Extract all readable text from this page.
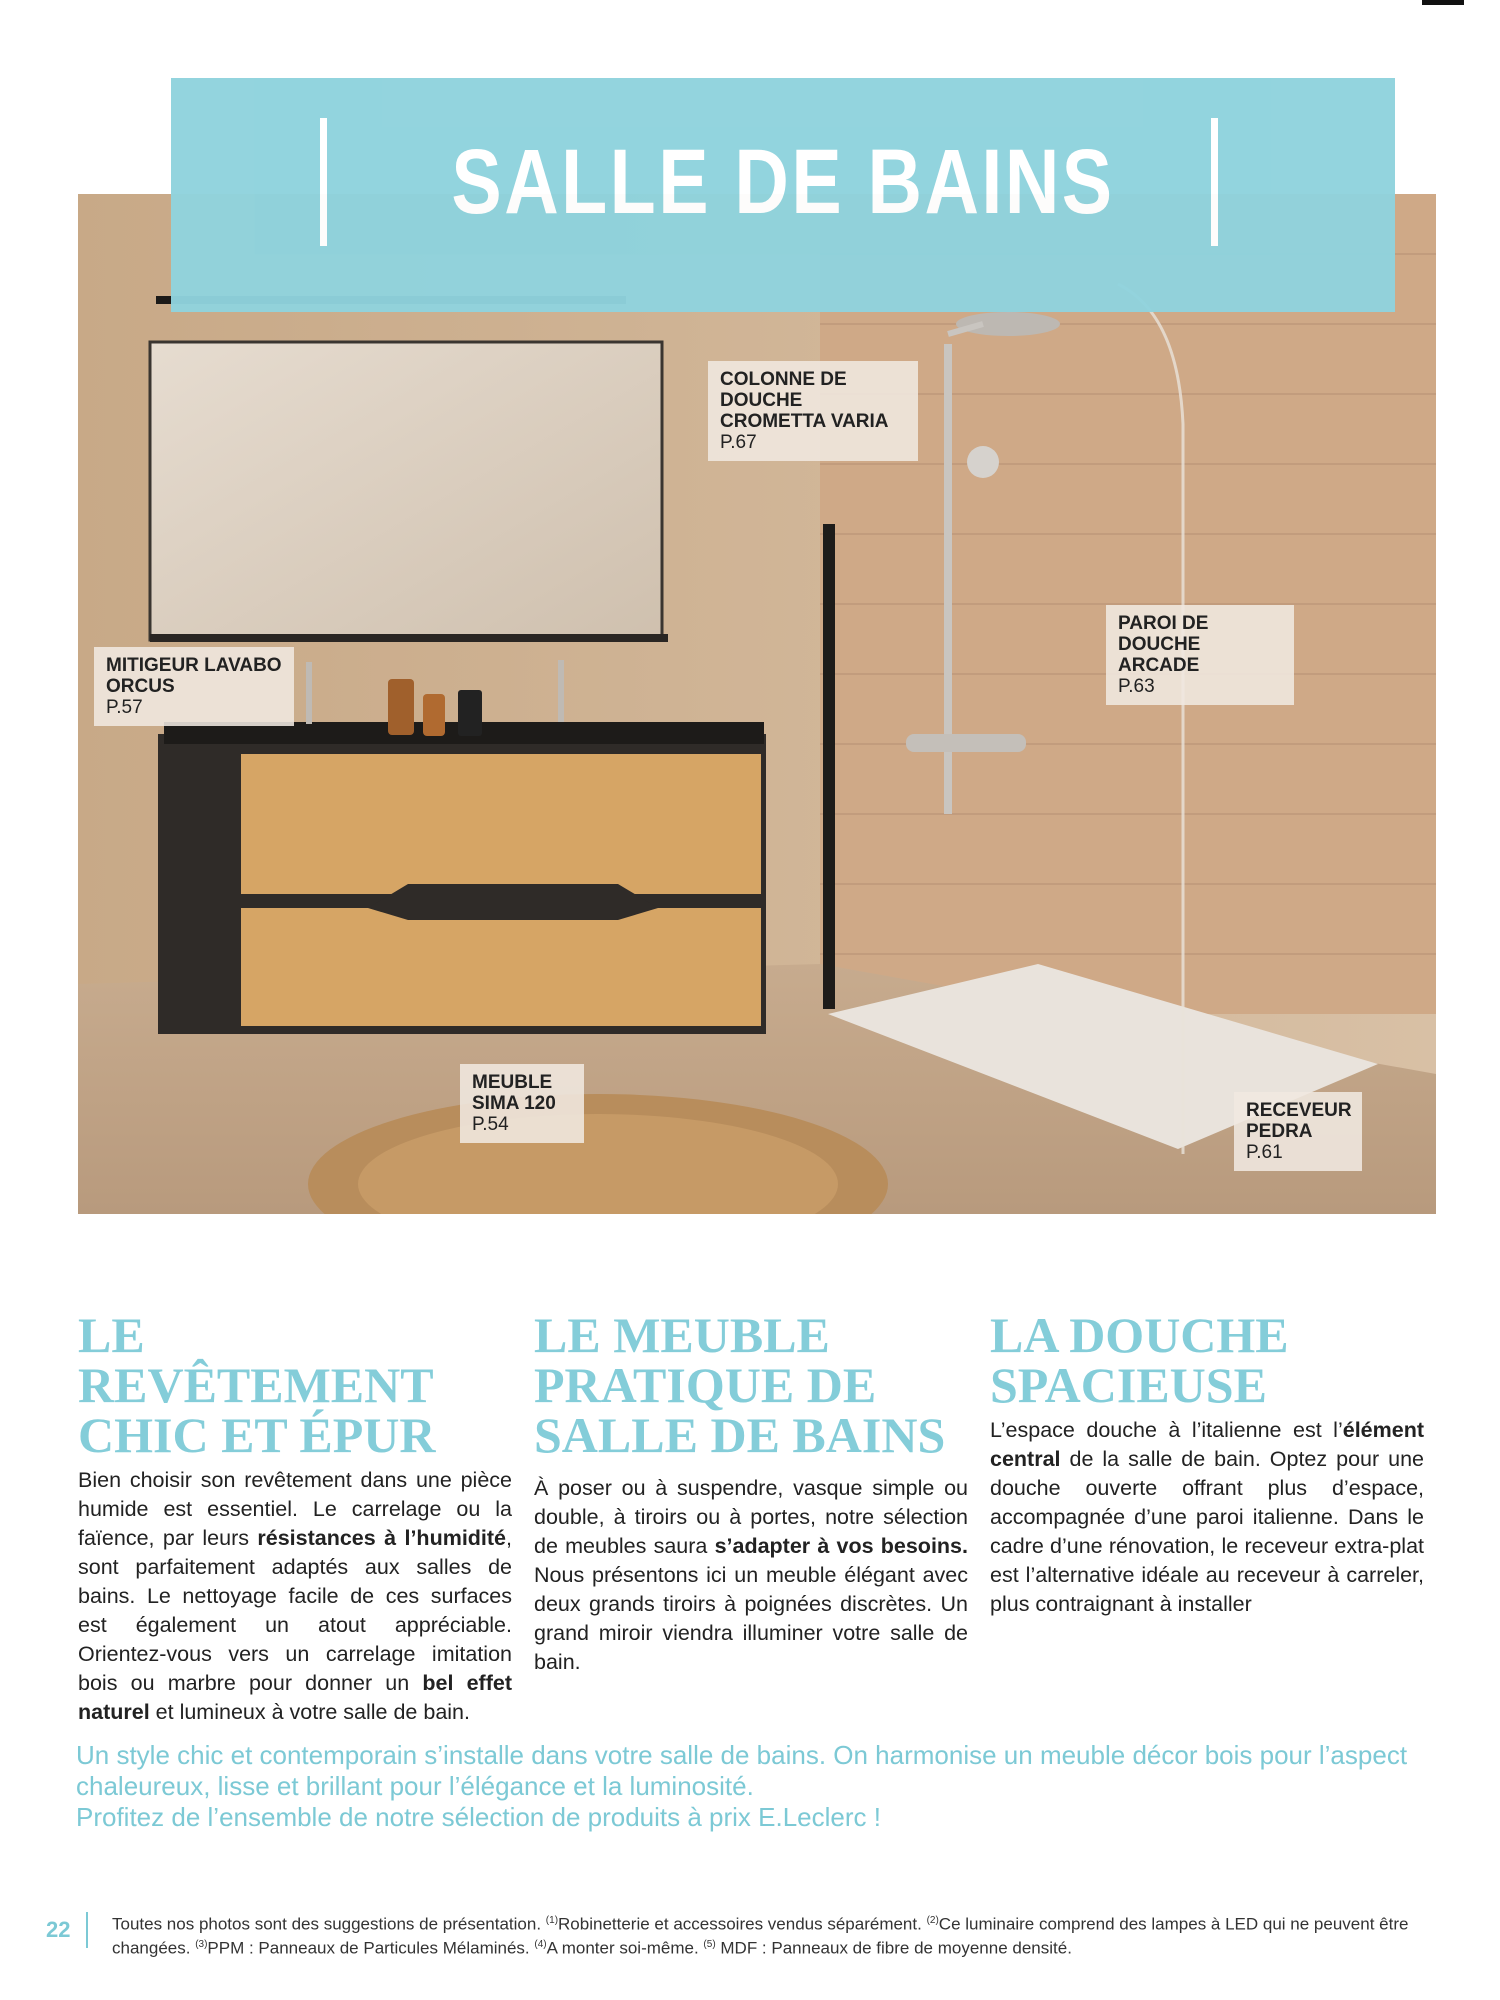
SALLE DE BAINS
COLONNE DE DOUCHE
CROMETTA VARIA
P.67
PAROI DE DOUCHE
ARCADE
P.63
MITIGEUR LAVABO
ORCUS
P.57
MEUBLE
SIMA 120
P.54
RECEVEUR
PEDRA
P.61
LE REVÊTEMENT
CHIC ET ÉPUR

Bien choisir son revêtement dans une pièce humide est essentiel. Le carrelage ou la faïence, par leurs résistances à l’humidité, sont parfaitement adaptés aux salles de bains. Le nettoyage facile de ces surfaces est également un atout appréciable. Orientez-vous vers un carrelage imitation bois ou marbre pour donner un bel effet naturel et lumineux à votre salle de bain.

LE MEUBLE
PRATIQUE DE
SALLE DE BAINS

À poser ou à suspendre, vasque simple ou double, à tiroirs ou à portes, notre sélection de meubles saura s’adapter à vos besoins. Nous présentons ici un meuble élégant avec deux grands tiroirs à poignées discrètes. Un grand miroir viendra illuminer votre salle de bain.

LA DOUCHE
SPACIEUSE

L’espace douche à l’italienne est l’élément central de la salle de bain. Optez pour une douche ouverte offrant plus d’espace, accompagnée d’une paroi italienne. Dans le cadre d’une rénovation, le receveur extra-plat est l’alternative idéale au receveur à carreler, plus contraignant à installer

Un style chic et contemporain s’installe dans votre salle de bains. On harmonise un meuble décor bois pour l’aspect chaleureux, lisse et brillant pour l’élégance et la luminosité.
Profitez de l’ensemble de notre sélection de produits à prix E.Leclerc !
22 Toutes nos photos sont des suggestions de présentation. $^{(1)}$Robinetterie et accessoires vendus séparément. $^{(2)}$Ce luminaire comprend des lampes à LED qui ne peuvent être changées. $^{(3)}$PPM : Panneaux de Particules Mélaminés. $^{(4)}$A monter soi-même. $^{(5)}$ MDF : Panneaux de fibre de moyenne densité.
